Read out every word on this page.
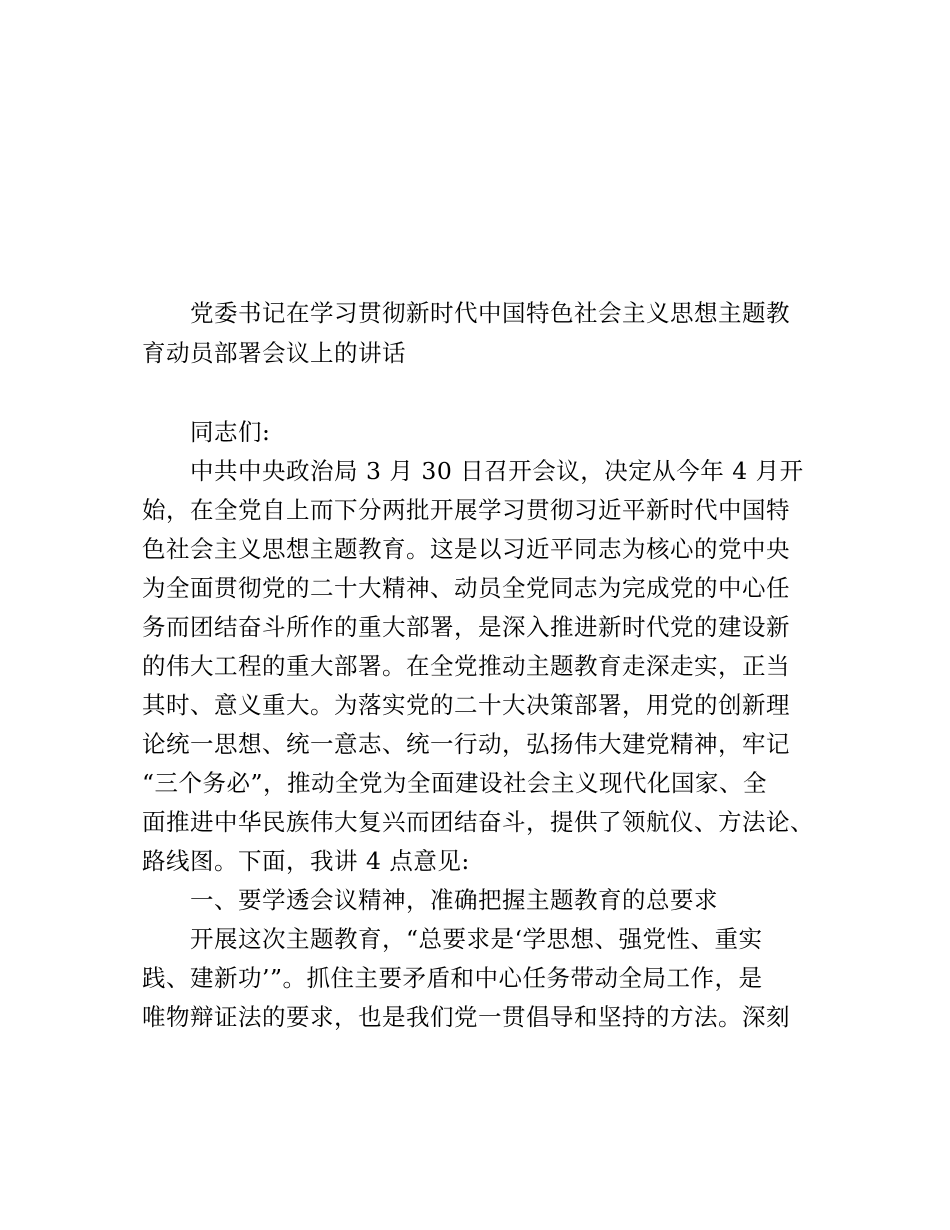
党委书记在学习贯彻新时代中国特色社会主义思想主题教
育动员部署会议上的讲话
同志们:
中共中央政治局 3 月 30 日召开会议，决定从今年 4 月开
始，在全党自上而下分两批开展学习贯彻习近平新时代中国特
色社会主义思想主题教育。这是以习近平同志为核心的党中央
为全面贯彻党的二十大精神、动员全党同志为完成党的中心任
务而团结奋斗所作的重大部署，是深入推进新时代党的建设新
的伟大工程的重大部署。在全党推动主题教育走深走实，正当
其时、意义重大。为落实党的二十大决策部署，用党的创新理
论统一思想、统一意志、统一行动，弘扬伟大建党精神，牢记
“三个务必”，推动全党为全面建设社会主义现代化国家、全
面推进中华民族伟大复兴而团结奋斗，提供了领航仪、方法论、
路线图。下面，我讲 4 点意见:
一、要学透会议精神，准确把握主题教育的总要求
开展这次主题教育，“总要求是‘学思想、强党性、重实
践、建新功’”。抓住主要矛盾和中心任务带动全局工作，是
唯物辩证法的要求，也是我们党一贯倡导和坚持的方法。深刻
